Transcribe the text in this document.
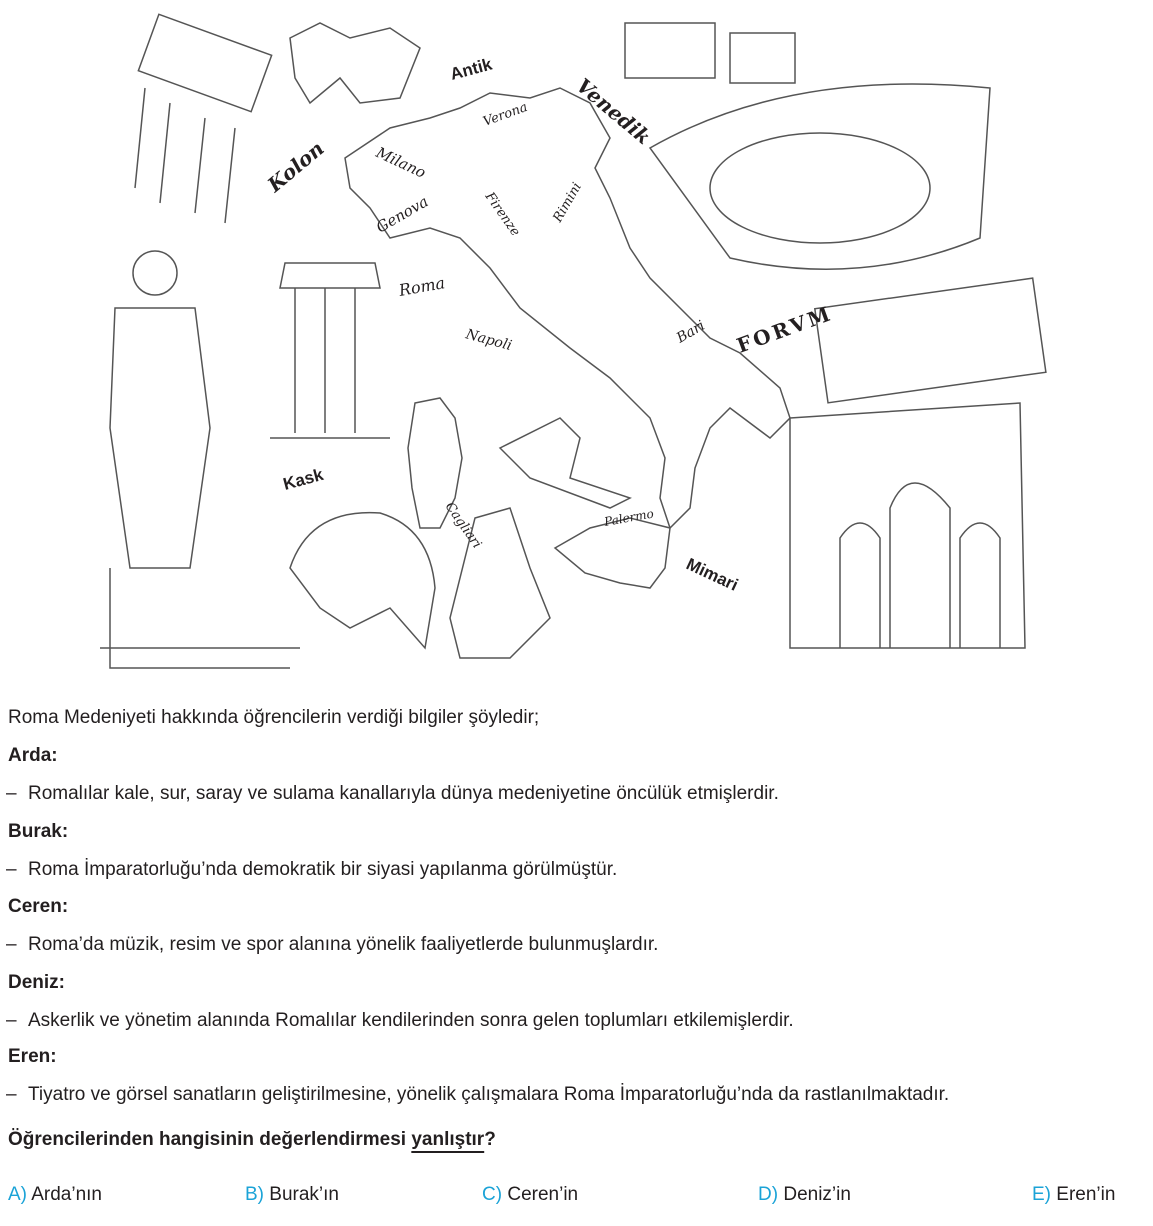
Antik
Venedik
Kolon
Verona
Milano
Genova	Firenze Rimini
Roma
Napoli	Bari FORVM
Kask
Cagliari	Palermo
Mimari
Roma Medeniyeti hakkında öğrencilerin verdiği bilgiler şöyledir;
Arda:
– Romalılar kale, sur, saray ve sulama kanallarıyla dünya medeniyetine öncülük etmişlerdir.
Burak:
– Roma İmparatorluğu’nda demokratik bir siyasi yapılanma görülmüştür.
Ceren:
– Roma’da müzik, resim ve spor alanına yönelik faaliyetlerde bulunmuşlardır.
Deniz:
– Askerlik ve yönetim alanında Romalılar kendilerinden sonra gelen toplumları etkilemişlerdir.
Eren:
– Tiyatro ve görsel sanatların geliştirilmesine, yönelik çalışmalara Roma İmparatorluğu’nda da rastlanılmaktadır.
Öğrencilerinden hangisinin değerlendirmesi yanlıştır?
A) Arda’nın	B) Burak’ın	C) Ceren’in	D) Deniz’in	E) Eren’in
